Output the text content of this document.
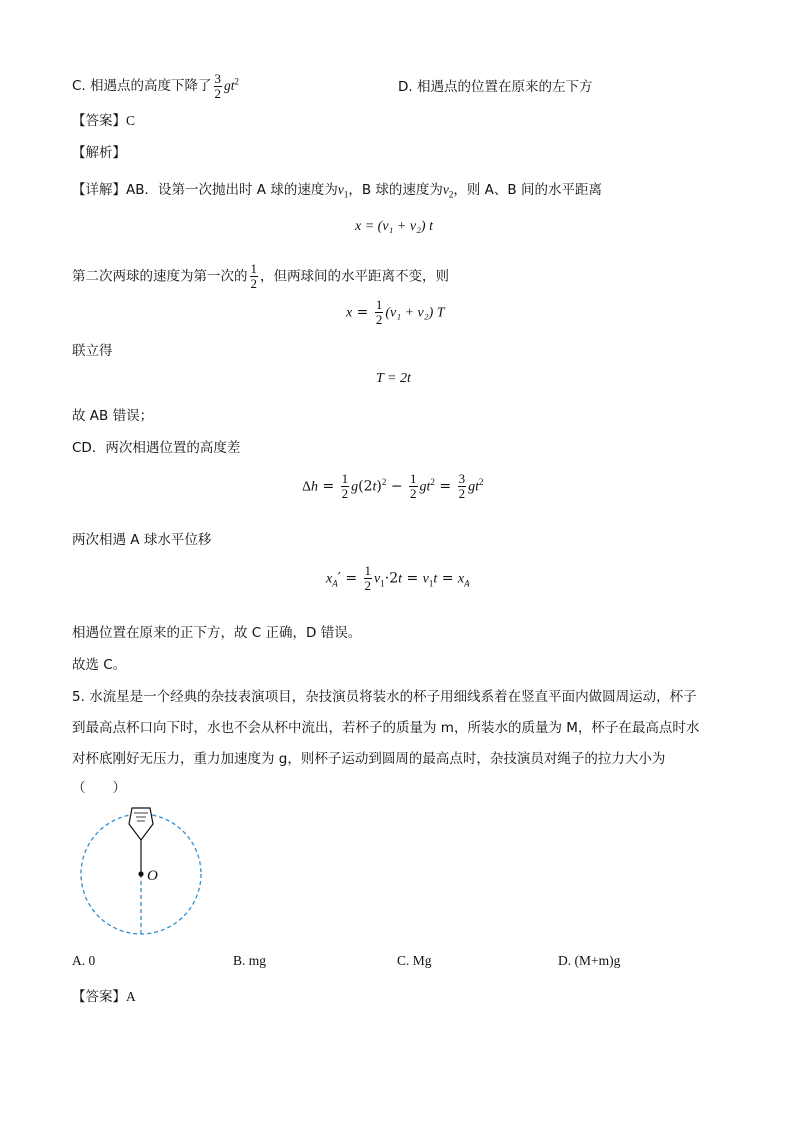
C. 相遇点的高度下降了 $\frac{3}{2} gt^2$	D. 相遇点的位置在原来的左下方
【答案】C
【解析】
【详解】AB．设第一次抛出时 A 球的速度为$v_1$，B 球的速度为$v_2$，则 A、B 间的水平距离
x = (v₁ + v₂) t
第二次两球的速度为第一次的 $\frac{1}{2}$ ，但两球间的水平距离不变，则
$x = \frac{1}{2} (v_1 + v_2)$ T
联立得
T = 2t
故 AB 错误；
CD．两次相遇位置的高度差
$\Delta h = \frac{1}{2} g(2t)^2 - \frac{1}{2} gt^2 = \frac{3}{2} gt^2$
两次相遇 A 球水平位移
$x_A' = \frac{1}{2} v_1\cdot 2t = v_1t = x_A$
相遇位置在原来的正下方，故 C 正确，D 错误。
故选 C。
5. 水流星是一个经典的杂技表演项目，杂技演员将装水的杯子用细线系着在竖直平面内做圆周运动，杯子
到最高点杯口向下时，水也不会从杯中流出，若杯子的质量为 m，所装水的质量为 M，杯子在最高点时水
对杯底刚好无压力，重力加速度为 g，则杯子运动到圆周的最高点时，杂技演员对绳子的拉力大小为
（　　）
O
A. 0	B. mg	C. Mg	D. (M+m)g
【答案】A
